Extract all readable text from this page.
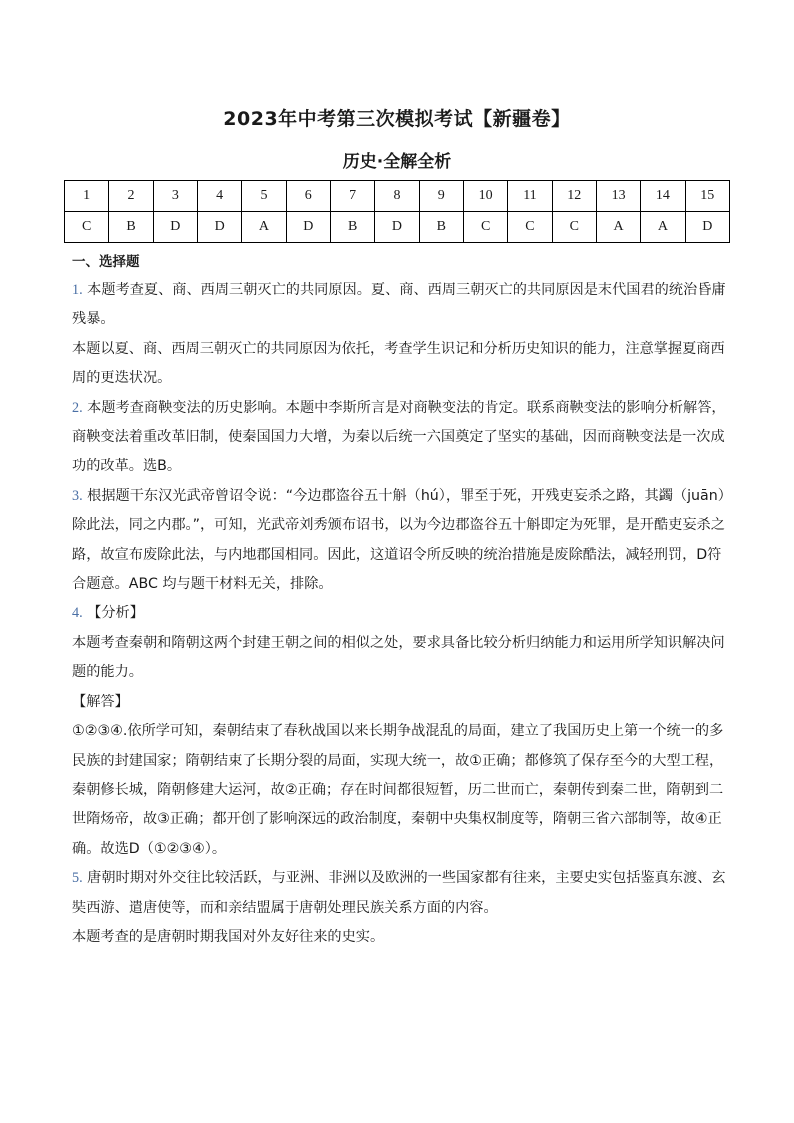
2023年中考第三次模拟考试【新疆卷】
历史·全解全析
1	2	3	4	5	6	7	8	9	10	11	12	13	14	15
C	B	D	D	A	D	B	D	B	C	C	C	A	A	D

一、选择题

1. 本题考查夏、商、西周三朝灭亡的共同原因。夏、商、西周三朝灭亡的共同原因是末代国君的统治昏庸残暴。

本题以夏、商、西周三朝灭亡的共同原因为依托，考查学生识记和分析历史知识的能力，注意掌握夏商西周的更迭状况。

2. 本题考查商鞅变法的历史影响。本题中李斯所言是对商鞅变法的肯定。联系商鞅变法的影响分析解答，商鞅变法着重改革旧制，使秦国国力大增，为秦以后统一六国奠定了坚实的基础，因而商鞅变法是一次成功的改革。选B。

3. 根据题干东汉光武帝曾诏令说：“今边郡盗谷五十斛（hú），罪至于死，开残吏妄杀之路，其蠲（juān）除此法，同之内郡。”，可知，光武帝刘秀颁布诏书，以为今边郡盗谷五十斛即定为死罪，是开酷吏妄杀之路，故宣布废除此法，与内地郡国相同。因此，这道诏令所反映的统治措施是废除酷法，减轻刑罚，D符合题意。ABC 均与题干材料无关，排除。

4. 【分析】

本题考查秦朝和隋朝这两个封建王朝之间的相似之处，要求具备比较分析归纳能力和运用所学知识解决问题的能力。

【解答】

①②③④.依所学可知，秦朝结束了春秋战国以来长期争战混乱的局面，建立了我国历史上第一个统一的多民族的封建国家；隋朝结束了长期分裂的局面，实现大统一，故①正确；都修筑了保存至今的大型工程，秦朝修长城，隋朝修建大运河，故②正确；存在时间都很短暂，历二世而亡，秦朝传到秦二世，隋朝到二世隋炀帝，故③正确；都开创了影响深远的政治制度，秦朝中央集权制度等，隋朝三省六部制等，故④正确。故选D（①②③④）。

5. 唐朝时期对外交往比较活跃，与亚洲、非洲以及欧洲的一些国家都有往来，主要史实包括鉴真东渡、玄奘西游、遣唐使等，而和亲结盟属于唐朝处理民族关系方面的内容。

本题考查的是唐朝时期我国对外友好往来的史实。
